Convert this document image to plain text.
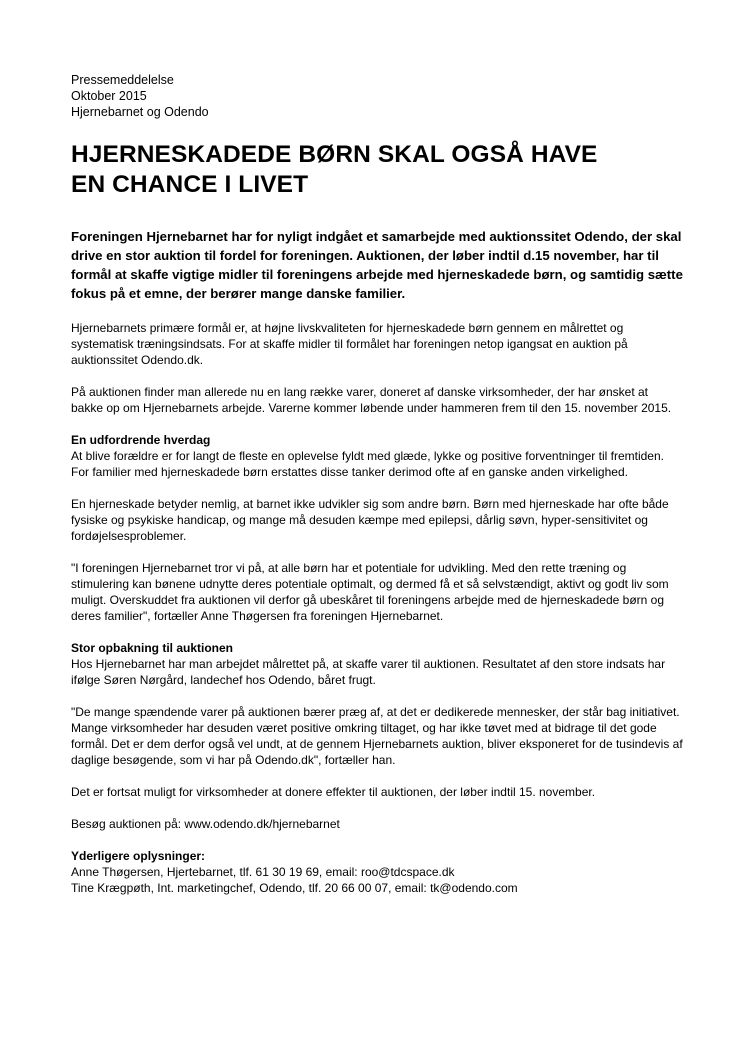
Pressemeddelelse
Oktober 2015
Hjernebarnet og Odendo
HJERNESKADEDE BØRN SKAL OGSÅ HAVE
EN CHANCE I LIVET

Foreningen Hjernebarnet har for nyligt indgået et samarbejde med auktionssitet Odendo, der skal drive en stor auktion til fordel for foreningen. Auktionen, der løber indtil d.15 november, har til formål at skaffe vigtige midler til foreningens arbejde med hjerneskadede børn, og samtidig sætte fokus på et emne, der berører mange danske familier.

Hjernebarnets primære formål er, at højne livskvaliteten for hjerneskadede børn gennem en målrettet og systematisk træningsindsats. For at skaffe midler til formålet har foreningen netop igangsat en auktion på auktionssitet Odendo.dk.

På auktionen finder man allerede nu en lang række varer, doneret af danske virksomheder, der har ønsket at bakke op om Hjernebarnets arbejde. Varerne kommer løbende under hammeren frem til den 15. november 2015.

En udfordrende hverdag

At blive forældre er for langt de fleste en oplevelse fyldt med glæde, lykke og positive forventninger til fremtiden. For familier med hjerneskadede børn erstattes disse tanker derimod ofte af en ganske anden virkelighed.

En hjerneskade betyder nemlig, at barnet ikke udvikler sig som andre børn. Børn med hjerneskade har ofte både fysiske og psykiske handicap, og mange må desuden kæmpe med epilepsi, dårlig søvn, hyper-sensitivitet og fordøjelsesproblemer.

"I foreningen Hjernebarnet tror vi på, at alle børn har et potentiale for udvikling. Med den rette træning og stimulering kan bønene udnytte deres potentiale optimalt, og dermed få et så selvstændigt, aktivt og godt liv som muligt. Overskuddet fra auktionen vil derfor gå ubeskåret til foreningens arbejde med de hjerneskadede børn og deres familier", fortæller Anne Thøgersen fra foreningen Hjernebarnet.

Stor opbakning til auktionen

Hos Hjernebarnet har man arbejdet målrettet på, at skaffe varer til auktionen. Resultatet af den store indsats har ifølge Søren Nørgård, landechef hos Odendo, båret frugt.

"De mange spændende varer på auktionen bærer præg af, at det er dedikerede mennesker, der står bag initiativet. Mange virksomheder har desuden været positive omkring tiltaget, og har ikke tøvet med at bidrage til det gode formål. Det er dem derfor også vel undt, at de gennem Hjernebarnets auktion, bliver eksponeret for de tusindevis af daglige besøgende, som vi har på Odendo.dk", fortæller han.

Det er fortsat muligt for virksomheder at donere effekter til auktionen, der løber indtil 15. november.

Besøg auktionen på: www.odendo.dk/hjernebarnet

Yderligere oplysninger:

Anne Thøgersen, Hjertebarnet, tlf. 61 30 19 69, email: roo@tdcspace.dk

Tine Krægpøth, Int. marketingchef, Odendo, tlf. 20 66 00 07, email: tk@odendo.com
